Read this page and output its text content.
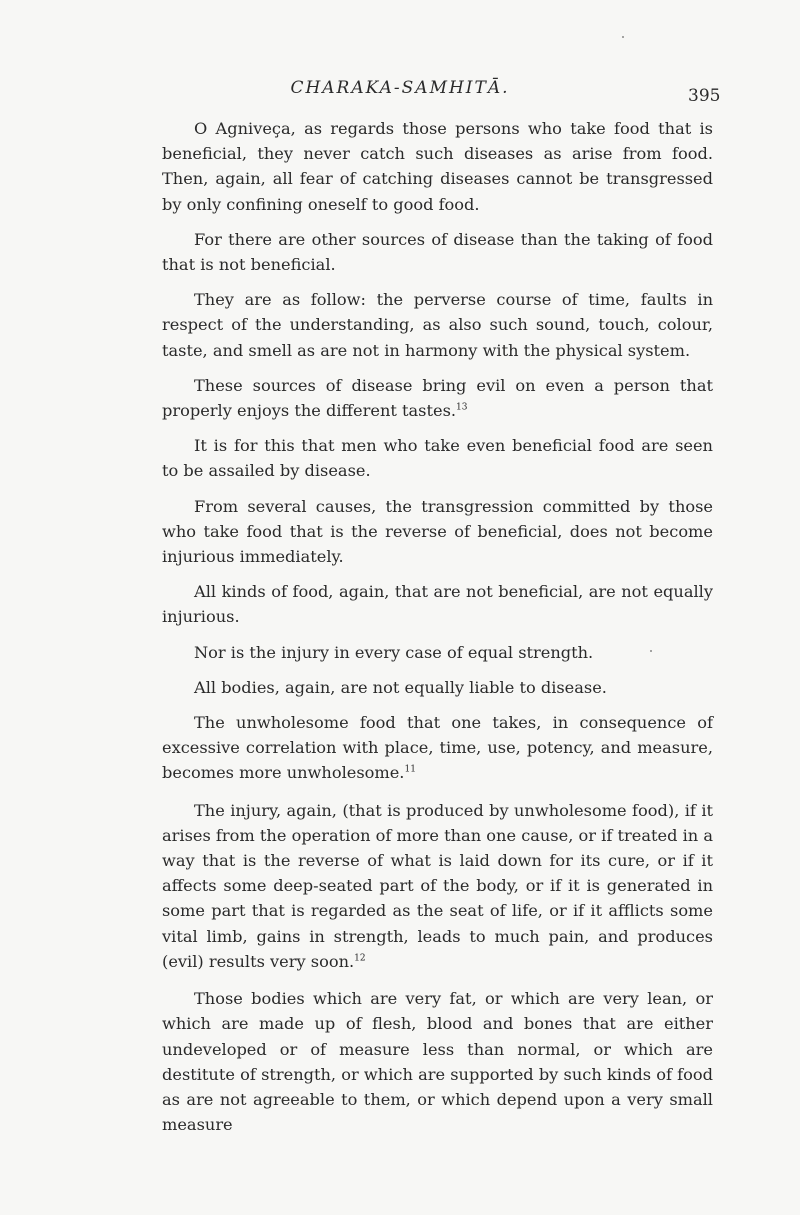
CHARAKA-SAMHITĀ.	395

O Agniveça, as regards those persons who take food that is beneficial, they never catch such diseases as arise from food. Then, again, all fear of catching diseases cannot be transgressed by only confining oneself to good food.

For there are other sources of disease than the taking of food that is not beneficial.

They are as follow: the perverse course of time, faults in respect of the understanding, as also such sound, touch, colour, taste, and smell as are not in harmony with the physical system.

These sources of disease bring evil on even a person that properly enjoys the different tastes.$^{13}$

It is for this that men who take even beneficial food are seen to be assailed by disease.

From several causes, the transgression committed by those who take food that is the reverse of beneficial, does not become injurious immediately.

All kinds of food, again, that are not beneficial, are not equally injurious.

Nor is the injury in every case of equal strength.

All bodies, again, are not equally liable to disease.

The unwholesome food that one takes, in consequence of excessive correlation with place, time, use, potency, and measure, becomes more unwholesome.$^{11}$

The injury, again, (that is produced by unwholesome food), if it arises from the operation of more than one cause, or if treated in a way that is the reverse of what is laid down for its cure, or if it affects some deep-seated part of the body, or if it is generated in some part that is regarded as the seat of life, or if it afflicts some vital limb, gains in strength, leads to much pain, and produces (evil) results very soon.$^{12}$

Those bodies which are very fat, or which are very lean, or which are made up of flesh, blood and bones that are either undeveloped or of measure less than normal, or which are destitute of strength, or which are supported by such kinds of food as are not agreeable to them, or which depend upon a very small measure
